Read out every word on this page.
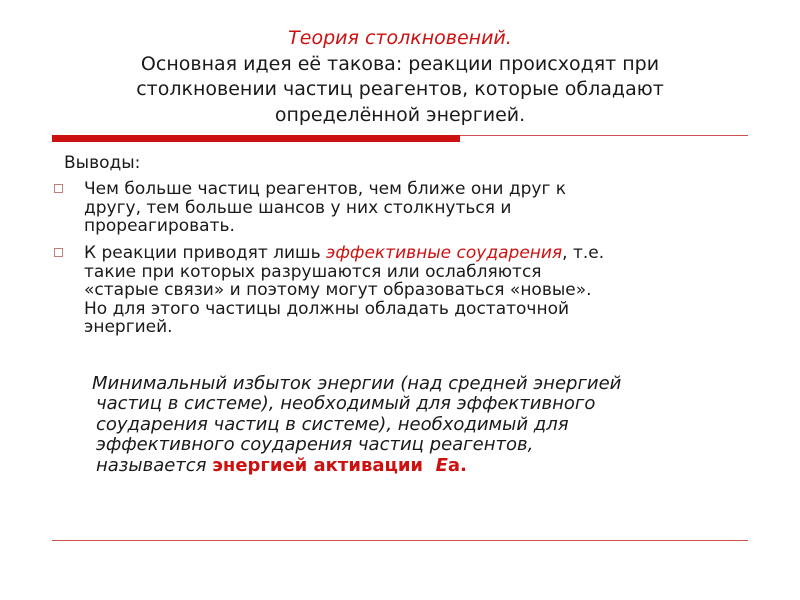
Теория столкновений.
Основная идея её такова: реакции происходят при
столкновении частиц реагентов, которые обладают
определённой энергией.
Выводы:
Чем больше частиц реагентов, чем ближе они друг к
другу, тем больше шансов у них столкнуться и
прореагировать.
К реакции приводят лишь эффективные соударения, т.е.
такие при которых разрушаются или ослабляются
«старые связи» и поэтому могут образоваться «новые».
Но для этого частицы должны обладать достаточной
энергией.
Минимальный избыток энергии (над средней энергией
частиц в системе), необходимый для эффективного
соударения частиц в системе), необходимый для
эффективного соударения частиц реагентов,
называется энергией активации Еа.
